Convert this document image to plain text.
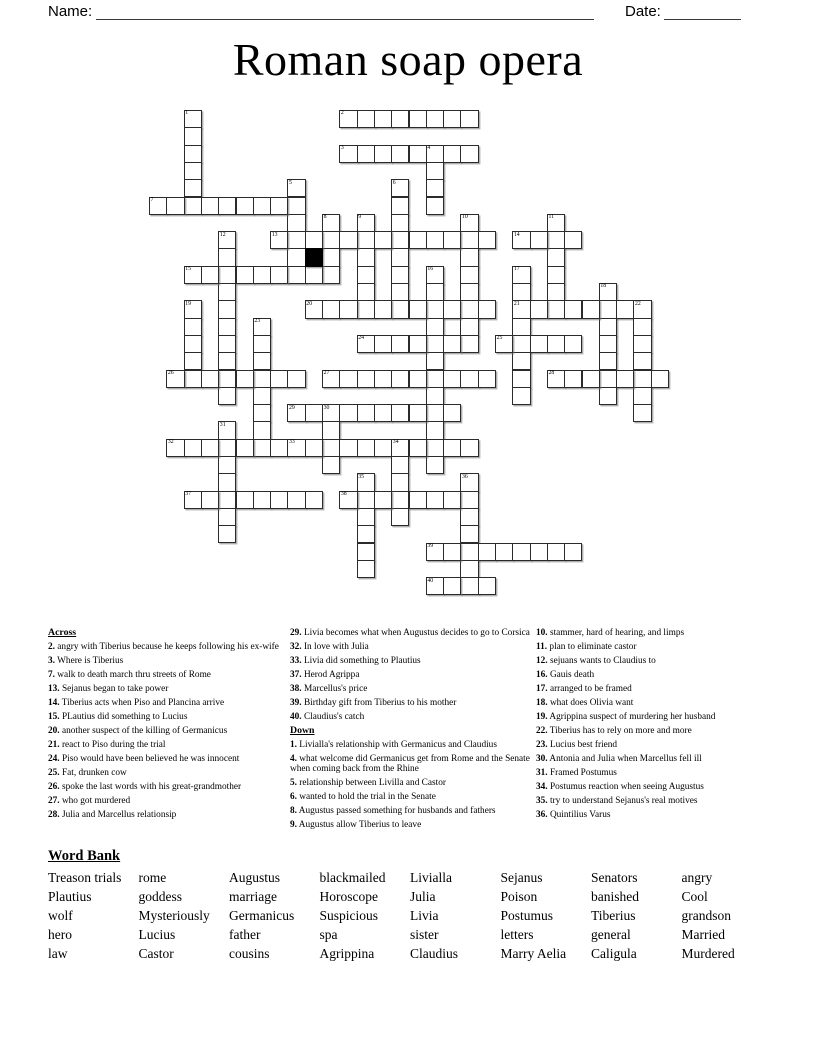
Name:	Date:
Roman soap opera
1	2
3	4
5	6
7
8	9	10	11
12	13	14
15	16	17
18
19	20	21	22
23
24	25
26	27	28
29	30
31
32	33	34
35	36
37	38
39
40
Across
2. angry with Tiberius because he keeps following his ex-wife
3. Where is Tiberius
7. walk to death march thru streets of Rome
13. Sejanus began to take power
14. Tiberius acts when Piso and Plancina arrive
15. PLautius did something to Lucius
20. another suspect of the killing of Germanicus
21. react to Piso during the trial
24. Piso would have been believed he was innocent
25. Fat, drunken cow
26. spoke the last words with his great-grandmother
27. who got murdered
28. Julia and Marcellus relationsip
29. Livia becomes what when Augustus decides to go to Corsica
32. In love with Julia
33. Livia did something to Plautius
37. Herod Agrippa
38. Marcellus's price
39. Birthday gift from Tiberius to his mother
40. Claudius's catch
Down
1. Livialla's relationship with Germanicus and Claudius
4. what welcome did Germanicus get from Rome and the Senate when coming back from the Rhine
5. relationship between Livilla and Castor
6. wanted to hold the trial in the Senate
8. Augustus passed something for husbands and fathers
9. Augustus allow Tiberius to leave
10. stammer, hard of hearing, and limps
11. plan to eliminate castor
12. sejuans wants to Claudius to
16. Gauis death
17. arranged to be framed
18. what does Olivia want
19. Agrippina suspect of murdering her husband
22. Tiberius has to rely on more and more
23. Lucius best friend
30. Antonia and Julia when Marcellus fell ill
31. Framed Postumus
34. Postumus reaction when seeing Augustus
35. try to understand Sejanus's real motives
36. Quintilius Varus
Word Bank
Treason trials	rome	Augustus	blackmailed	Livialla	Sejanus	Senators	angry
Plautius	goddess	marriage	Horoscope	Julia	Poison	banished	Cool
wolf	Mysteriously	Germanicus	Suspicious	Livia	Postumus	Tiberius	grandson
hero	Lucius	father	spa	sister	letters	general	Married
law	Castor	cousins	Agrippina	Claudius	Marry Aelia	Caligula	Murdered
